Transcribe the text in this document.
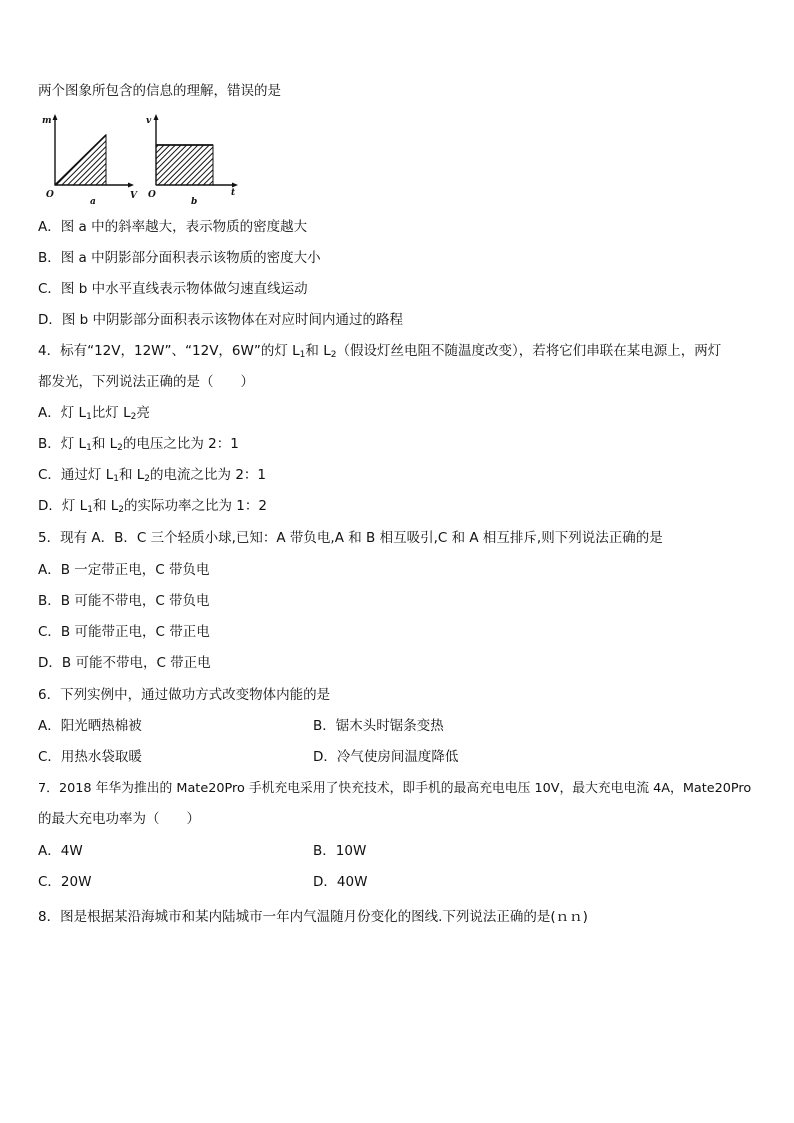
两个图象所包含的信息的理解，错误的是
m
V
O
a
v
t
O
b
A．图 a 中的斜率越大，表示物质的密度越大
B．图 a 中阴影部分面积表示该物质的密度大小
C．图 b 中水平直线表示物体做匀速直线运动
D．图 b 中阴影部分面积表示该物体在对应时间内通过的路程
4．标有“12V，12W”、“12V，6W”的灯 $L_1$和 $L_2$（假设灯丝电阻不随温度改变），若将它们串联在某电源上，两灯
都发光，下列说法正确的是（　　）
A．灯 $L_1$比灯 $L_2$亮
B．灯 $L_1$和 $L_2$的电压之比为 2：1
C．通过灯 $L_1$和 $L_2$的电流之比为 2：1
D．灯 $L_1$和 $L_2$的实际功率之比为 1：2
5．现有 A．B．C 三个轻质小球,已知：A 带负电,A 和 B 相互吸引,C 和 A 相互排斥,则下列说法正确的是
A．B 一定带正电，C 带负电
B．B 可能不带电，C 带负电
C．B 可能带正电，C 带正电
D．B 可能不带电，C 带正电
6．下列实例中，通过做功方式改变物体内能的是
A．阳光晒热棉被	B．锯木头时锯条变热
C．用热水袋取暖	D．冷气使房间温度降低
7．2018 年华为推出的 Mate20Pro 手机充电采用了快充技术，即手机的最高充电电压 10V，最大充电电流 4A，Mate20Pro
的最大充电功率为（　　）
A．4W	B．10W
C．20W	D．40W
8．图是根据某沿海城市和某内陆城市一年内气温随月份变化的图线.下列说法正确的是(ｎｎ)
